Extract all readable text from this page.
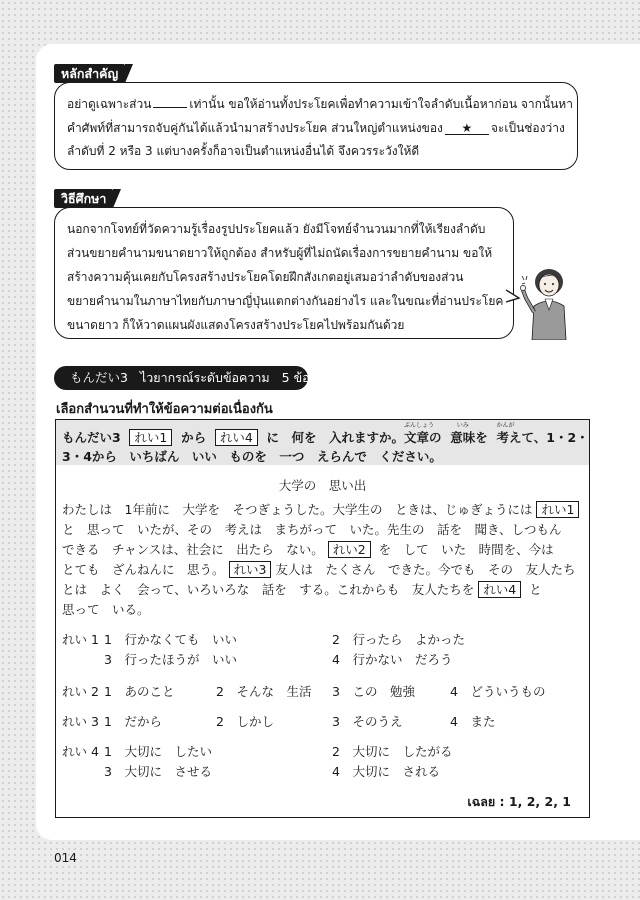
หลักสำคัญ
อย่าดูเฉพาะส่วน	เท่านั้น ขอให้อ่านทั้งประโยคเพื่อทำความเข้าใจลำดับเนื้อหาก่อน จากนั้นหา
คำศัพท์ที่สามารถจับคู่กันได้แล้วนำมาสร้างประโยค ส่วนใหญ่ตำแหน่งของ ★ จะเป็นช่องว่าง
ลำดับที่ 2 หรือ 3 แต่บางครั้งก็อาจเป็นตำแหน่งอื่นได้ จึงควรระวังให้ดี
วิธีศึกษา
นอกจากโจทย์ที่วัดความรู้เรื่องรูปประโยคแล้ว ยังมีโจทย์จำนวนมากที่ให้เรียงลำดับ
ส่วนขยายคำนามขนาดยาวให้ถูกต้อง สำหรับผู้ที่ไม่ถนัดเรื่องการขยายคำนาม ขอให้
สร้างความคุ้นเคยกับโครงสร้างประโยคโดยฝึกสังเกตอยู่เสมอว่าลำดับของส่วน
ขยายคำนามในภาษาไทยกับภาษาญี่ปุ่นแตกต่างกันอย่างไร และในขณะที่อ่านประโยค
ขนาดยาว ก็ให้วาดแผนผังแสดงโครงสร้างประโยคไปพร้อมกันด้วย
もんだい3 ไวยากรณ์ระดับข้อความ 5 ข้อ
เลือกสำนวนที่ทำให้ข้อความต่อเนื่องกัน
もんだい3 れい1 から れい4 に　何を　入れますか。
ぶんしょう
文章の
いみ
意味を
かんが
考えて、1・2・
3・4から　いちばん　いい　ものを　一つ　えらんで　ください。
大学の　思い出
わたしは　1年前に　大学を　そつぎょうした。大学生の　ときは、じゅぎょうには れい1
と　思って　いたが、その　考えは　まちがって　いた。先生の　話を　聞き、しつもん
できる　チャンスは、社会に　出たら　ない。 れい2 を　して　いた　時間を、今は
とても　ざんねんに　思う。 れい3 友人は　たくさん　できた。今でも　その　友人たち
とは　よく　会って、いろいろな　話を　する。これからも　友人たちを れい4 と
思って　いる。
れい 1 1　行かなくても　いい	2　行ったら　よかった
3　行ったほうが　いい	4　行かない　だろう
れい 2 1　あのこと	2　そんな　生活 3　この　勉強	4　どういうもの
れい 3 1　だから	2　しかし	3　そのうえ	4　また
れい 4 1　大切に　したい	2　大切に　したがる
3　大切に　させる	4　大切に　される
เฉลย : 1, 2, 2, 1
014
